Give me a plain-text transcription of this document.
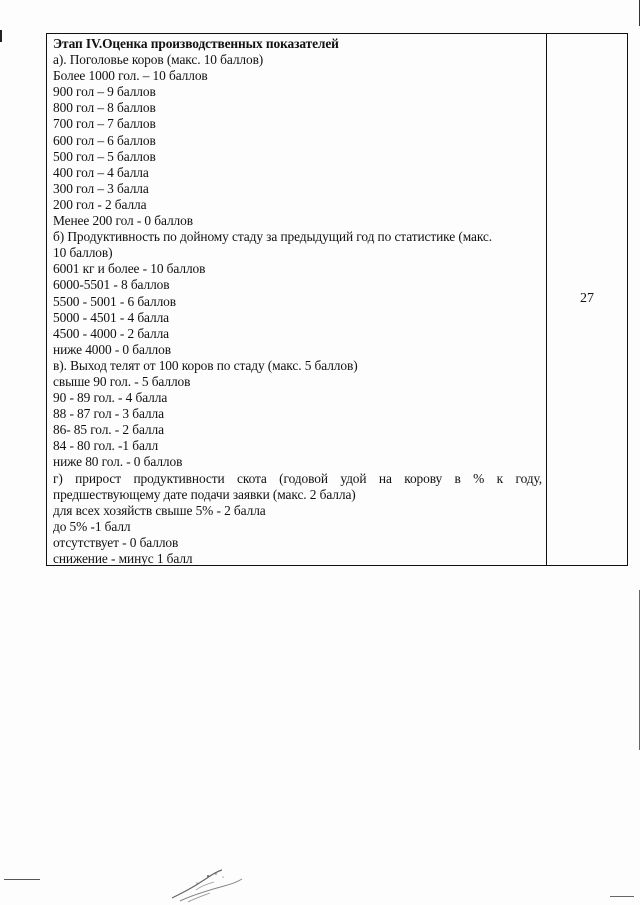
Этап IV.Оценка производственных показателей
а). Поголовье коров (макс. 10 баллов)
Более 1000 гол. – 10 баллов
900 гол – 9 баллов
800 гол – 8 баллов
700 гол – 7 баллов
600 гол – 6 баллов
500 гол – 5 баллов
400 гол – 4 балла
300 гол – 3 балла
200 гол - 2 балла
Менее 200 гол - 0 баллов
б) Продуктивность по дойному стаду за предыдущий год по статистике (макс.
10 баллов)
6001 кг и более - 10 баллов
6000-5501 - 8 баллов
5500 - 5001 - 6 баллов
5000 - 4501 - 4 балла
4500 - 4000 - 2 балла
ниже 4000 - 0 баллов
в). Выход телят от 100 коров по стаду (макс. 5 баллов)
свыше 90 гол. - 5 баллов
90 - 89 гол. - 4 балла
88 - 87 гол - 3 балла
86- 85 гол. - 2 балла
84 - 80 гол. -1 балл
ниже 80 гол. - 0 баллов
г) прирост продуктивности скота (годовой удой на корову в % к году,
предшествующему дате подачи заявки (макс. 2 балла)
для всех хозяйств свыше 5% - 2 балла
до 5% -1 балл
отсутствует - 0 баллов
снижение - минус 1 балл
27
